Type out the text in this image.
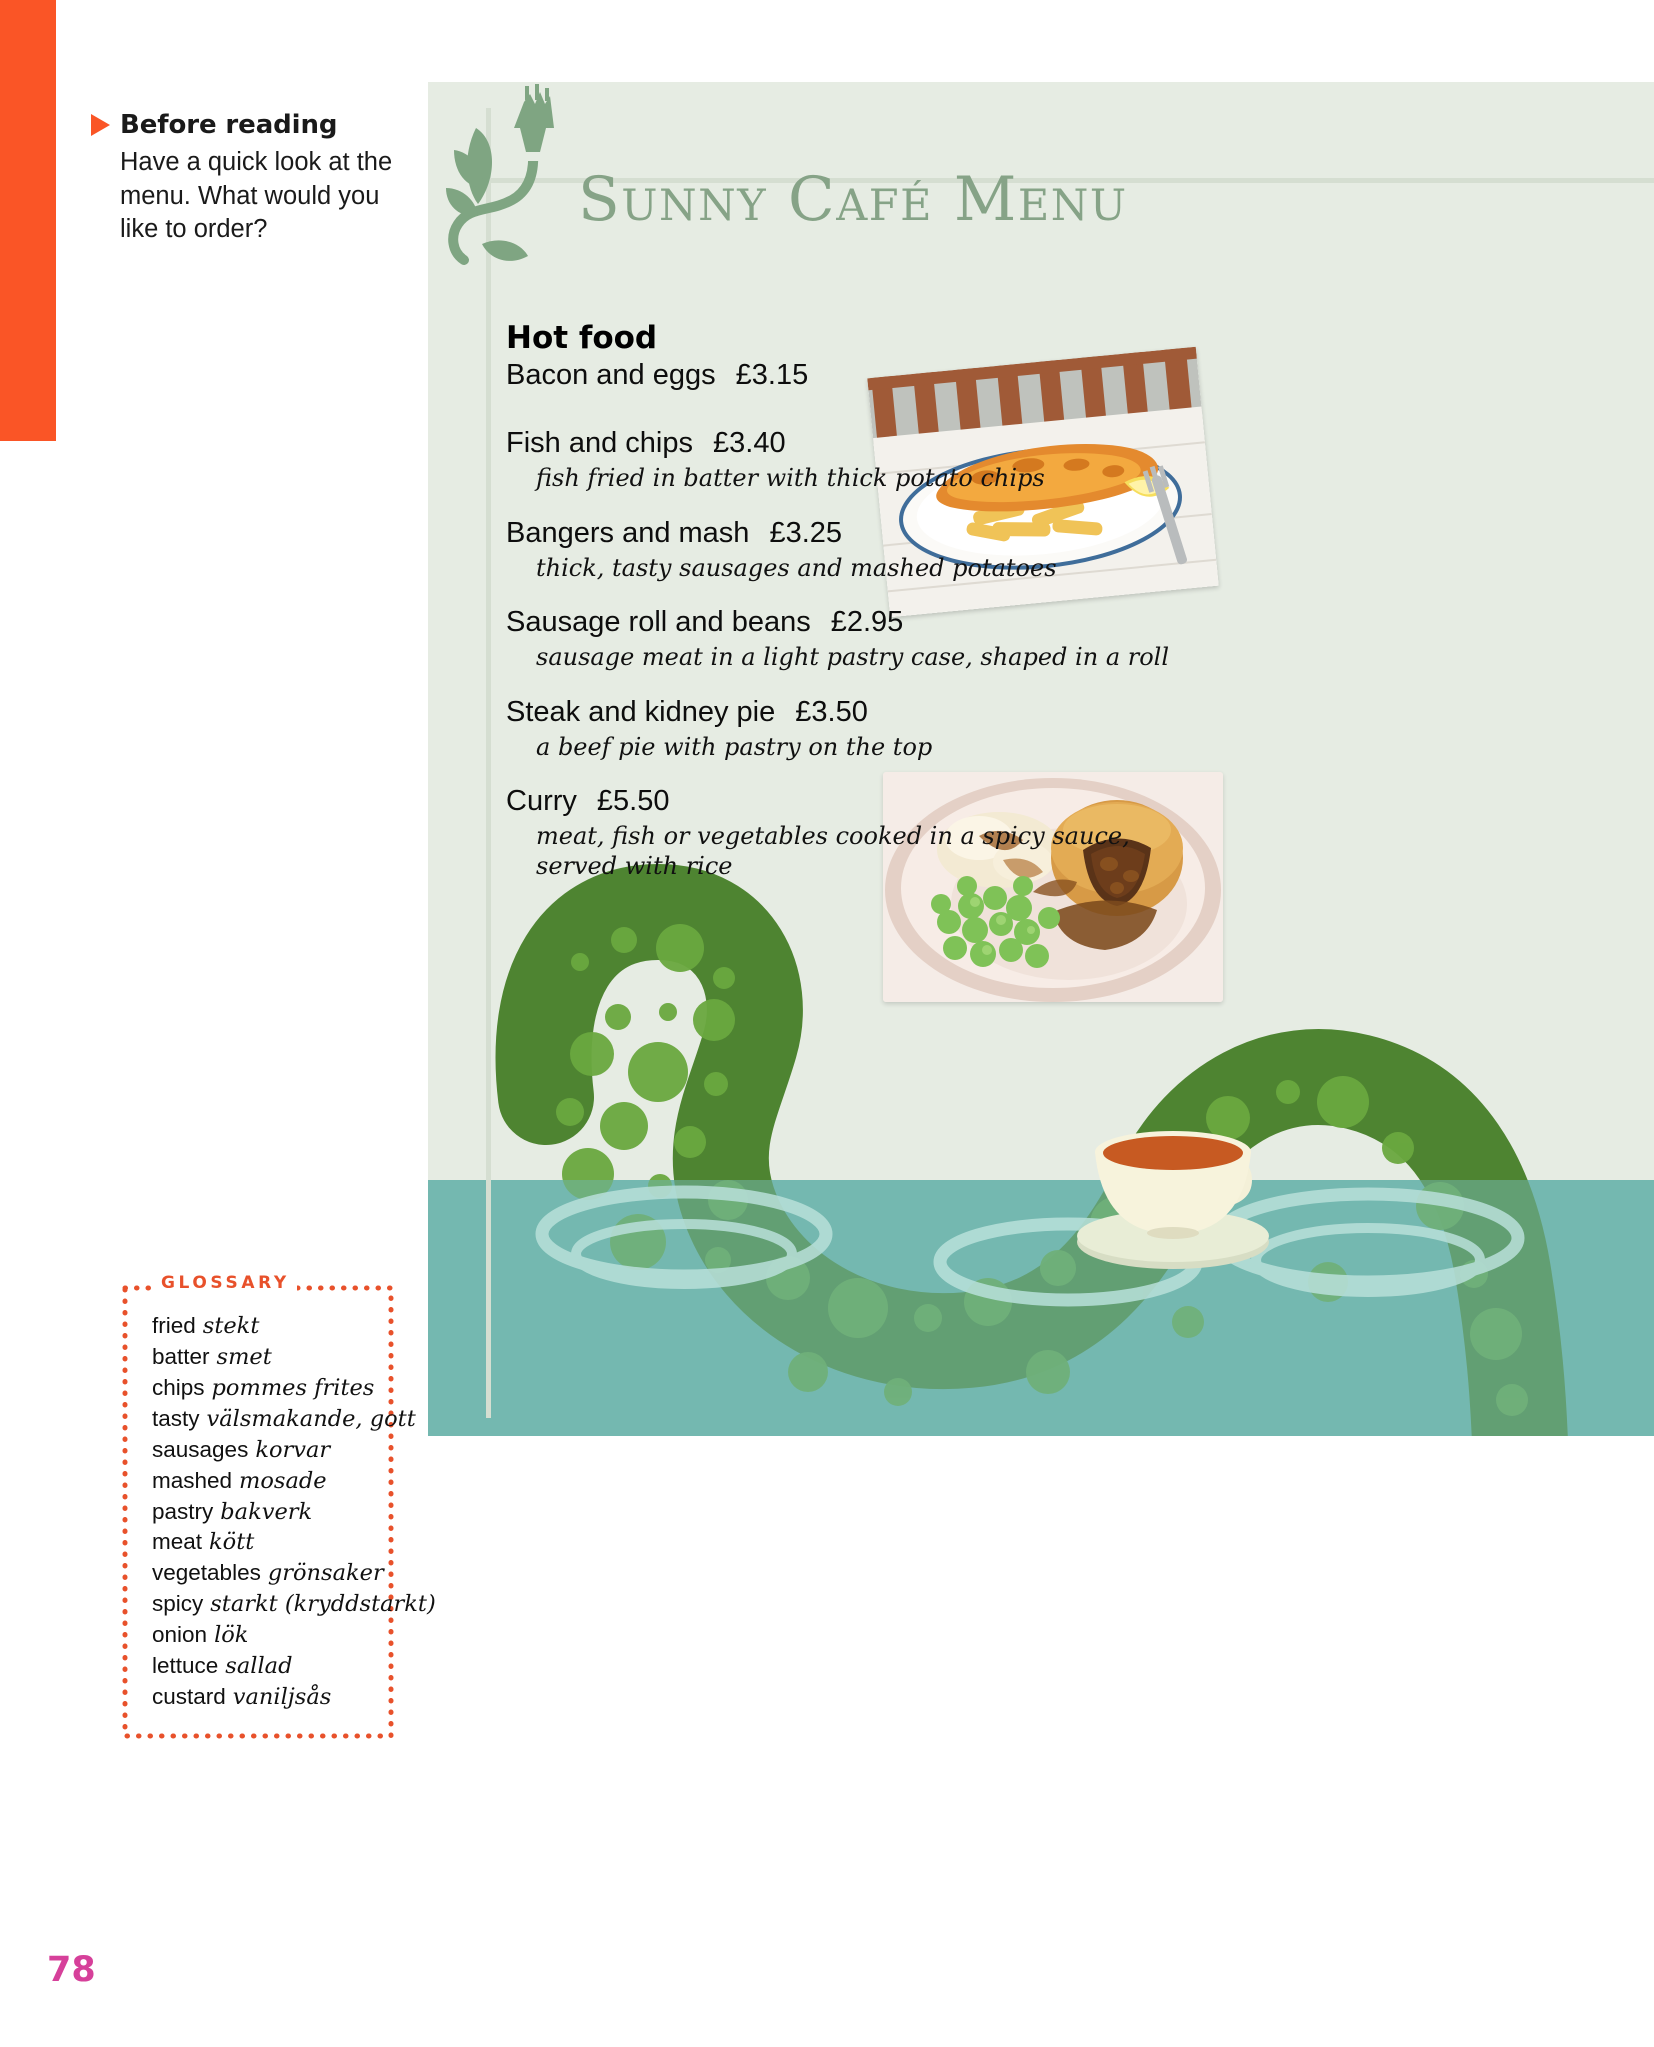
Before reading
Have a quick look at the menu. What would you like to order?	Sunny Café Menu
Hot food
Bacon and eggs £3.15
Fish and chips £3.40
fish fried in batter with thick potato chips
Bangers and mash £3.25
thick, tasty sausages and mashed potatoes
Sausage roll and beans £2.95
sausage meat in a light pastry case, shaped in a roll
Steak and kidney pie £3.50
a beef pie with pastry on the top
Curry £5.50
meat, fish or vegetables cooked in a spicy sauce, served with rice
GLOSSARY
fried stekt
batter smet
chips pommes frites
tasty välsmakande, gott
sausages korvar
mashed mosade
pastry bakverk
meat kött
vegetables grönsaker
spicy starkt (kryddstarkt)
onion lök
lettuce sallad
custard vaniljsås
78
